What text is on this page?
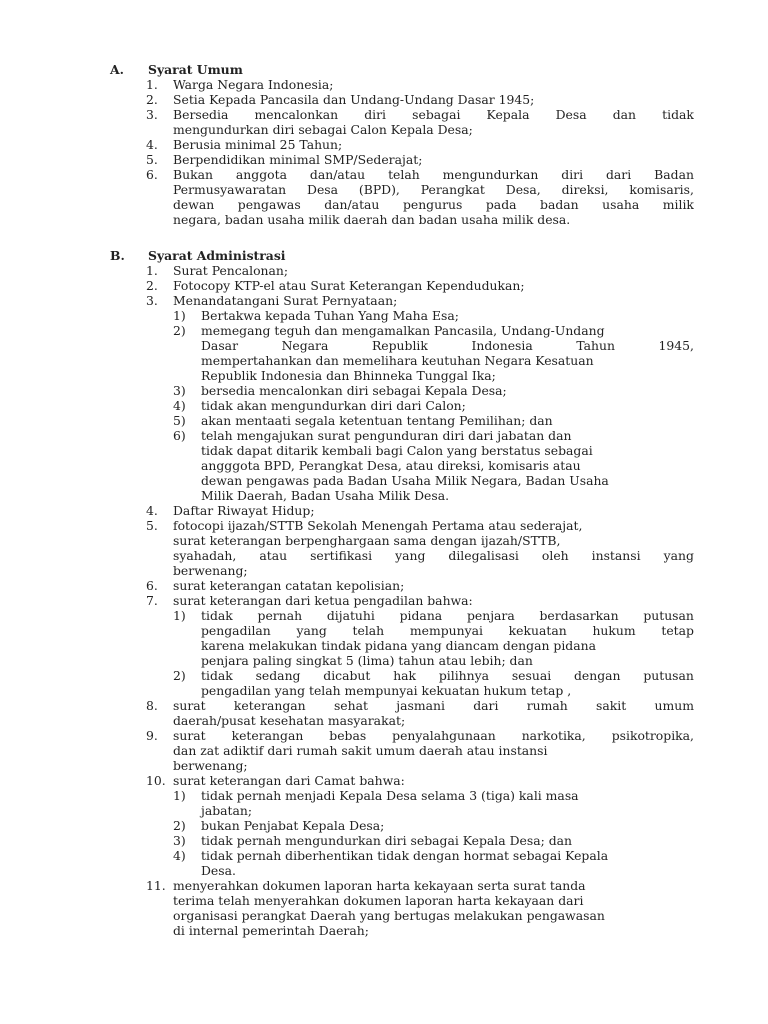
A. Syarat Umum
1. Warga Negara Indonesia;
2. Setia Kepada Pancasila dan Undang-Undang Dasar 1945;
3. Bersedia mencalonkan diri sebagai Kepala Desa dan tidak
mengundurkan diri sebagai Calon Kepala Desa;
4. Berusia minimal 25 Tahun;
5. Berpendidikan minimal SMP/Sederajat;
6. Bukan anggota dan/atau telah mengundurkan diri dari Badan
Permusyawaratan Desa (BPD), Perangkat Desa, direksi, komisaris,
dewan pengawas dan/atau pengurus pada badan usaha milik
negara, badan usaha milik daerah dan badan usaha milik desa.
B. Syarat Administrasi
1. Surat Pencalonan;
2. Fotocopy KTP-el atau Surat Keterangan Kependudukan;
3. Menandatangani Surat Pernyataan;
1) Bertakwa kepada Tuhan Yang Maha Esa;
2) memegang teguh dan mengamalkan Pancasila, Undang-Undang
Dasar	Negara	Republik	Indonesia	Tahun	1945,
mempertahankan dan memelihara keutuhan Negara Kesatuan
Republik Indonesia dan Bhinneka Tunggal Ika;
3) bersedia mencalonkan diri sebagai Kepala Desa;
4) tidak akan mengundurkan diri dari Calon;
5) akan mentaati segala ketentuan tentang Pemilihan; dan
6) telah mengajukan surat pengunduran diri dari jabatan dan
tidak dapat ditarik kembali bagi Calon yang berstatus sebagai
angggota BPD, Perangkat Desa, atau direksi, komisaris atau
dewan pengawas pada Badan Usaha Milik Negara, Badan Usaha
Milik Daerah, Badan Usaha Milik Desa.
4. Daftar Riwayat Hidup;
5. fotocopi ijazah/STTB Sekolah Menengah Pertama atau sederajat,
surat keterangan berpenghargaan sama dengan ijazah/STTB,
syahadah, atau sertifikasi yang dilegalisasi oleh instansi yang
berwenang;
6. surat keterangan catatan kepolisian;
7. surat keterangan dari ketua pengadilan bahwa:
1) tidak pernah dijatuhi pidana penjara berdasarkan putusan
pengadilan yang telah mempunyai kekuatan hukum tetap
karena melakukan tindak pidana yang diancam dengan pidana
penjara paling singkat 5 (lima) tahun atau lebih; dan
2) tidak sedang dicabut hak pilihnya sesuai dengan putusan
pengadilan yang telah mempunyai kekuatan hukum tetap ,
8. surat keterangan sehat jasmani dari rumah sakit umum
daerah/pusat kesehatan masyarakat;
9. surat keterangan bebas penyalahgunaan narkotika, psikotropika,
dan zat adiktif dari rumah sakit umum daerah atau instansi
berwenang;
10. surat keterangan dari Camat bahwa:
1) tidak pernah menjadi Kepala Desa selama 3 (tiga) kali masa
jabatan;
2) bukan Penjabat Kepala Desa;
3) tidak pernah mengundurkan diri sebagai Kepala Desa; dan
4) tidak pernah diberhentikan tidak dengan hormat sebagai Kepala
Desa.
11. menyerahkan dokumen laporan harta kekayaan serta surat tanda
terima telah menyerahkan dokumen laporan harta kekayaan dari
organisasi perangkat Daerah yang bertugas melakukan pengawasan
di internal pemerintah Daerah;
